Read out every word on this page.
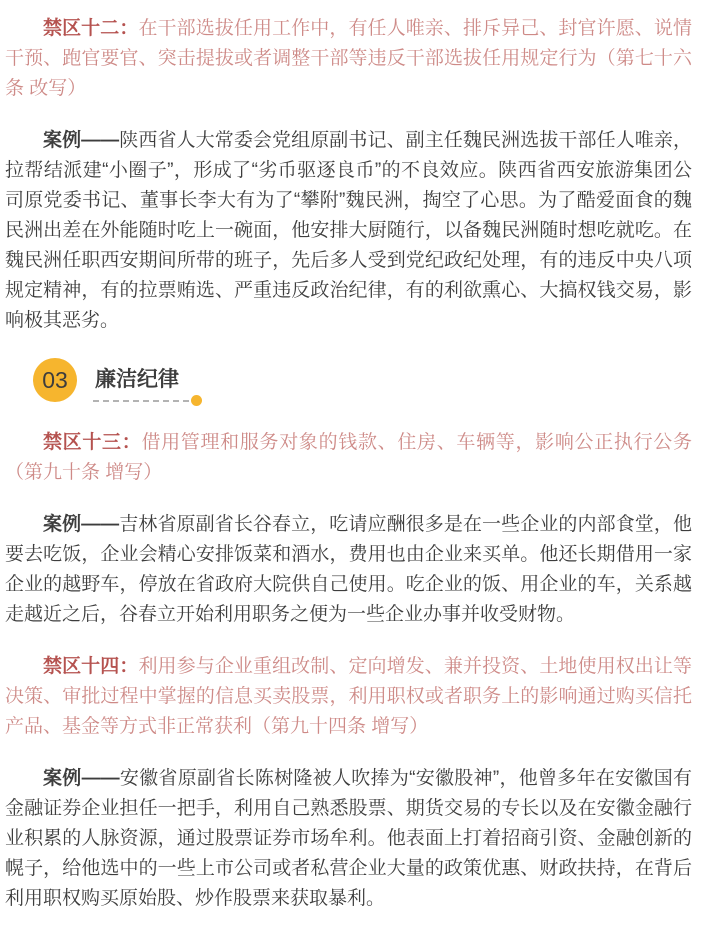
禁区十二：在干部选拔任用工作中，有任人唯亲、排斥异己、封官许愿、说情干预、跑官要官、突击提拔或者调整干部等违反干部选拔任用规定行为（第七十六条 改写）

案例——陕西省人大常委会党组原副书记、副主任魏民洲选拔干部任人唯亲，拉帮结派建“小圈子”，形成了“劣币驱逐良币”的不良效应。陕西省西安旅游集团公司原党委书记、董事长李大有为了“攀附”魏民洲，掏空了心思。为了酷爱面食的魏民洲出差在外能随时吃上一碗面，他安排大厨随行，以备魏民洲随时想吃就吃。在魏民洲任职西安期间所带的班子，先后多人受到党纪政纪处理，有的违反中央八项规定精神，有的拉票贿选、严重违反政治纪律，有的利欲熏心、大搞权钱交易，影响极其恶劣。

03 廉洁纪律

禁区十三：借用管理和服务对象的钱款、住房、车辆等，影响公正执行公务（第九十条 增写）

案例——吉林省原副省长谷春立，吃请应酬很多是在一些企业的内部食堂，他要去吃饭，企业会精心安排饭菜和酒水，费用也由企业来买单。他还长期借用一家企业的越野车，停放在省政府大院供自己使用。吃企业的饭、用企业的车，关系越走越近之后，谷春立开始利用职务之便为一些企业办事并收受财物。

禁区十四：利用参与企业重组改制、定向增发、兼并投资、土地使用权出让等决策、审批过程中掌握的信息买卖股票，利用职权或者职务上的影响通过购买信托产品、基金等方式非正常获利（第九十四条 增写）

案例——安徽省原副省长陈树隆被人吹捧为“安徽股神”，他曾多年在安徽国有金融证券企业担任一把手，利用自己熟悉股票、期货交易的专长以及在安徽金融行业积累的人脉资源，通过股票证券市场牟利。他表面上打着招商引资、金融创新的幌子，给他选中的一些上市公司或者私营企业大量的政策优惠、财政扶持，在背后利用职权购买原始股、炒作股票来获取暴利。
